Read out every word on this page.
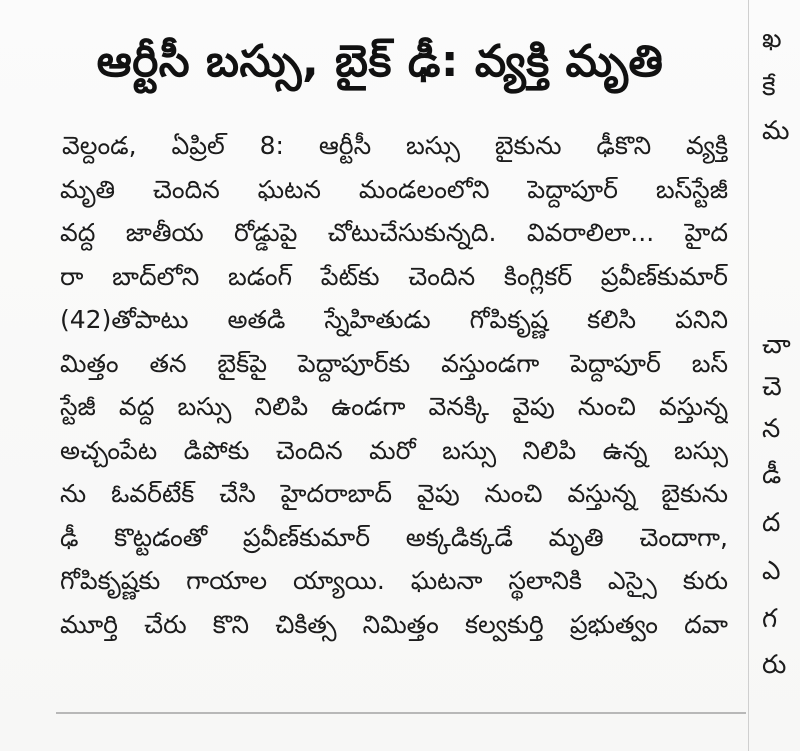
ఆర్టీసీ బస్సు, బైక్ ఢీ: వ్యక్తి మృతి
వెల్దండ, ఏప్రిల్ 8: ఆర్టీసీ బస్సు బైకును ఢీకొని వ్యక్తి
మృతి చెందిన ఘటన మండలంలోని పెద్దాపూర్ బస్‌స్టేజీ
వద్ద జాతీయ రోడ్డుపై చోటుచేసుకున్నది. వివరాలిలా... హైద
రా బాద్‌లోని బడంగ్ పేట్‌కు చెందిన కింగ్లికర్ ప్రవీణ్‌కుమార్
(42)తోపాటు అతడి స్నేహితుడు గోపికృష్ణ కలిసి పనిని
మిత్తం తన బైక్‌పై పెద్దాపూర్‌కు వస్తుండగా పెద్దాపూర్ బస్
స్టేజీ వద్ద బస్సు నిలిపి ఉండగా వెనక్కి వైపు నుంచి వస్తున్న
అచ్చంపేట డిపోకు చెందిన మరో బస్సు నిలిపి ఉన్న బస్సు
ను ఓవర్‌టేక్ చేసి హైదరాబాద్ వైపు నుంచి వస్తున్న బైకును
ఢీ కొట్టడంతో ప్రవీణ్‌కుమార్ అక్కడిక్కడే మృతి చెందాగా,
గోపికృష్ణకు గాయాల య్యాయి. ఘటనా స్థలానికి ఎస్సై కురు
మూర్తి చేరు కొని చికిత్స నిమిత్తం కల్వకుర్తి ప్రభుత్వం దవా
ఖ
కే
మ
చా
చె
న
డీ
ద
ఎ
గ
రు
